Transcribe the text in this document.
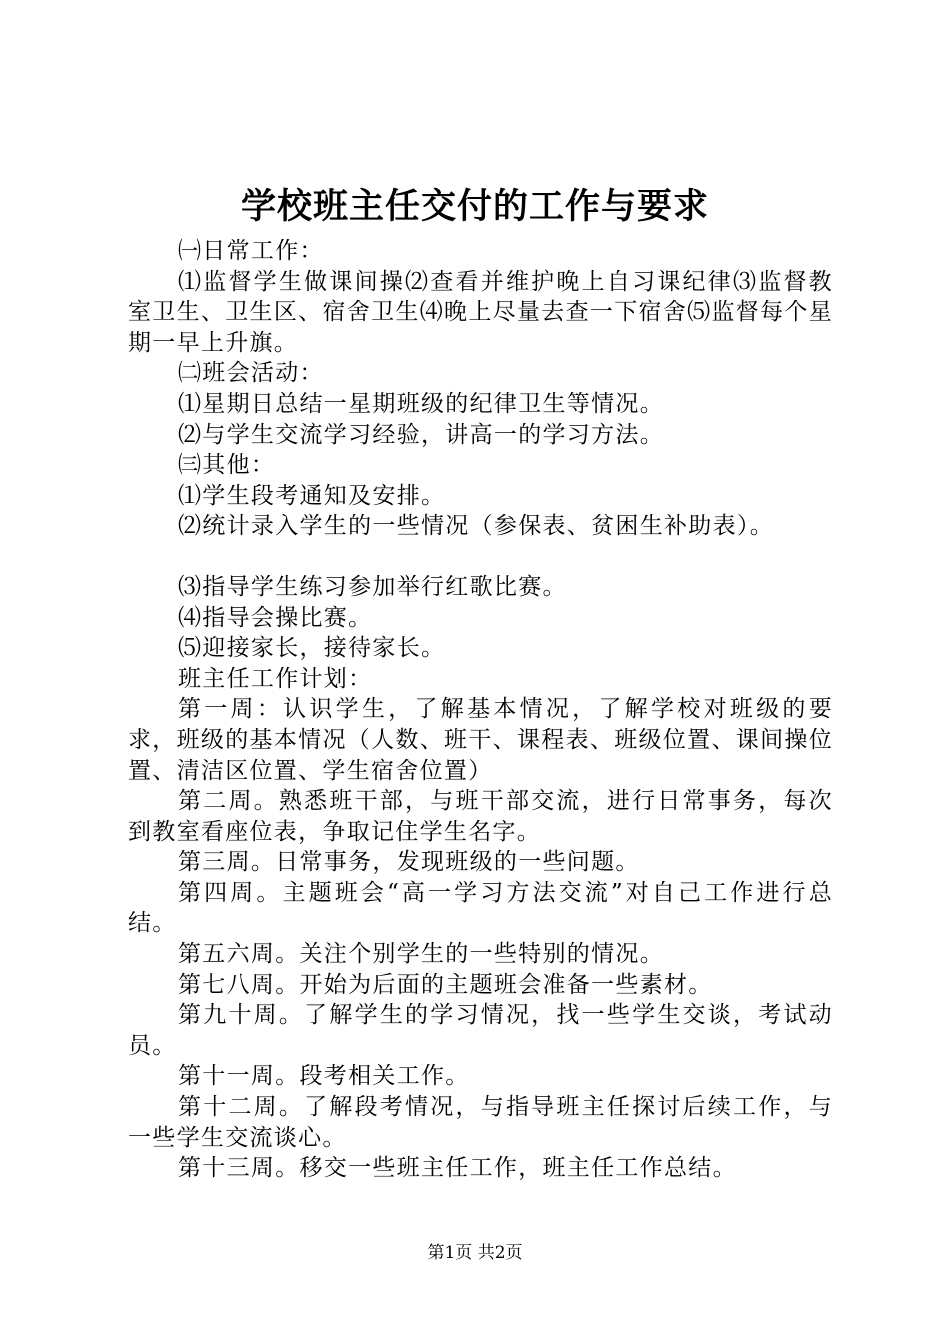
学校班主任交付的工作与要求

㈠日常工作：

⑴监督学生做课间操⑵查看并维护晚上自习课纪律⑶监督教室卫生、卫生区、宿舍卫生⑷晚上尽量去查一下宿舍⑸监督每个星期一早上升旗。

㈡班会活动：

⑴星期日总结一星期班级的纪律卫生等情况。

⑵与学生交流学习经验，讲高一的学习方法。

㈢其他：

⑴学生段考通知及安排。

⑵统计录入学生的一些情况（参保表、贫困生补助表）。

⑶指导学生练习参加举行红歌比赛。

⑷指导会操比赛。

⑸迎接家长，接待家长。

班主任工作计划：

第一周：认识学生，了解基本情况，了解学校对班级的要求，班级的基本情况（人数、班干、课程表、班级位置、课间操位置、清洁区位置、学生宿舍位置）

第二周。熟悉班干部，与班干部交流，进行日常事务，每次到教室看座位表，争取记住学生名字。

第三周。日常事务，发现班级的一些问题。

第四周。主题班会“高一学习方法交流”对自己工作进行总结。

第五六周。关注个别学生的一些特别的情况。

第七八周。开始为后面的主题班会准备一些素材。

第九十周。了解学生的学习情况，找一些学生交谈，考试动员。

第十一周。段考相关工作。

第十二周。了解段考情况，与指导班主任探讨后续工作，与一些学生交流谈心。

第十三周。移交一些班主任工作，班主任工作总结。

第1页 共2页
